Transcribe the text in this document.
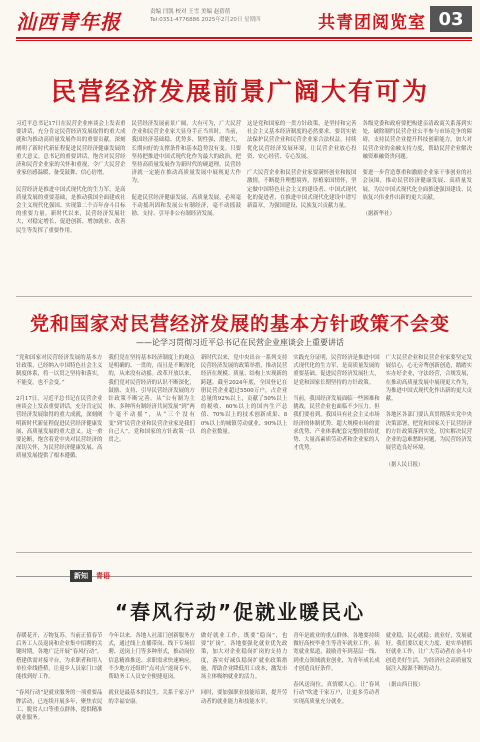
汕西青年报	责编 闫凯 校对 王雪 美编 赵蓓蓓
Tel:0351-4776886 2025年2月20日 星期四	共青团阅览室 03
民营经济发展前景广阔大有可为
习近平总书记17日在民营企业座谈会上发表重要讲话，充分肯定民营经济发展取得的重大成就和为推动高质量发展作出的重要贡献，深刻阐明了新时代新征程促进民营经济健康发展的重大意义。总书记的重要讲话，饱含对民营经济和民营企业家的关怀和重视，令广大民营企业家倍感温暖、备受鼓舞、信心倍增。

民营经济是推进中国式现代化的生力军，是高质量发展的重要基础，是推动我国全面建成社会主义现代化强国、实现第二个百年奋斗目标的重要力量。新时代以来，民营经济发展壮大，对稳定增长、促进创新、增加就业、改善民生等发挥了重要作用。
民营经济发展前景广阔、大有可为，广大民营企业和民营企业家大显身手正当其时。当前，我国经济基础稳、优势多、韧性强、潜能大，长期向好的支撑条件和基本趋势没有变。只要坚持把推进中国式现代化作为最大的政治，把坚持高质量发展作为新时代的硬道理，民营经济就一定能在推动高质量发展中展现更大作为。

促进民营经济健康发展、高质量发展，必须毫不动摇巩固和发展公有制经济，毫不动摇鼓励、支持、引导非公有制经济发展。
这是党和国家的一贯方针政策，是坚持和完善社会主义基本经济制度的必然要求。要切实依法保护民营企业和民营企业家合法权益，持续优化民营经济发展环境，让民营企业放心投资、安心经营、专心发展。

广大民营企业和民营企业家要满怀创业和报国激情，不断提升理想境界，厚植家国情怀，坚定做中国特色社会主义的建设者、中国式现代化的促进者，在推进中国式现代化建设中谱写新篇章，为强国建设、民族复兴贡献力量。
各级党委和政府要把构建亲清政商关系落到实处，破除制约民营企业公平参与市场竞争的障碍，支持民营企业提升科技创新能力，加大对民营企业的金融支持力度，帮助民营企业解决融资难融资贵问题。

要进一步营造尊重和激励企业家干事创业的社会氛围，推动民营经济健康发展、高质量发展，为以中国式现代化全面推进强国建设、民族复兴伟业作出新的更大贡献。

（据新华社）
党和国家对民营经济发展的基本方针政策不会变
——论学习贯彻习近平总书记在民营企业座谈会上重要讲话
“党和国家对民营经济发展的基本方针政策，已经纳入中国特色社会主义制度体系，将一以贯之坚持和落实，不能变，也不会变。”

2月17日，习近平总书记在民营企业座谈会上发表重要讲话，充分肯定民营经济发展取得的重大成就，深刻阐明新时代新征程促进民营经济健康发展、高质量发展的重大意义。这一重要论断，饱含着党中央对民营经济的深切关怀，为民营经济健康发展、高质量发展提供了根本遵循。
我们党在坚持基本经济制度上的观点是明确的、一贯的，而且是不断深化的，从来没有动摇。改革开放以来，我们党对民营经济的认识不断深化，鼓励、支持、引导民营经济发展的方针政策不断完善。从“公有制为主体、多种所有制经济共同发展”到“两个毫不动摇”，从“三个没有变”到“民营企业和民营企业家是我们自己人”，党和国家的方针政策一以贯之。
新时代以来，党中央出台一系列支持民营经济发展的政策举措，推动民营经济在规模、质量、结构上实现新的跨越。截至2024年底，全国登记在册民营企业超过5500万户，占企业总量的92%以上，贡献了50%以上的税收、60%以上的国内生产总值、70%以上的技术创新成果、80%以上的城镇劳动就业、90%以上的企业数量。
实践充分证明，民营经济是推进中国式现代化的生力军，是高质量发展的重要基础。促进民营经济发展壮大，是党和国家长期坚持的方针政策。

当前，我国经济发展面临一些困难和挑战，民营企业也面临不少压力。但我们要看到，我国具有社会主义市场经济的体制优势、超大规模市场的需求优势、产业体系配套完整的供给优势、大量高素质劳动者和企业家的人才优势。
广大民营企业和民营企业家要坚定发展信心，心无旁骛创新创造，踏踏实实办好企业，守法经营，合规发展，在推动高质量发展中展现更大作为，为推进中国式现代化作出新的更大贡献。

各地区各部门要认真贯彻落实党中央决策部署，把党和国家关于民营经济的方针政策落到实处，切实解决民营企业的急难愁盼问题，为民营经济发展营造良好环境。

（据人民日报）
新知	青语
“春风行动”促就业暖民心
春暖花开，万物复苏。当前正值春节后务工人员返岗和企业集中招聘的关键时期，各地广泛开展“春风行动”，搭建供需对接平台，为求职者和用人单位牵线搭桥，让返乡人员家门口就能找到好工作。

“春风行动”是就业服务的一项重要品牌活动，已连续开展多年，聚焦农民工、脱贫人口等重点群体，提供精准就业服务。
今年以来，各地人社部门创新服务方式，通过线上直播带岗、线下专场招聘、送岗上门等多种形式，推动岗位信息精准推送、求职需求快速响应。不少地方还组织“点对点”返岗专车，帮助务工人员安全便捷返岗。

就业是最基本的民生，关系千家万户的幸福安康。
做好就业工作，既要“稳岗”，也要“扩岗”。各地要强化就业优先政策，加大对企业稳岗扩岗的支持力度，落实好减负稳岗扩就业政策措施，帮助企业降低用工成本，激发市场主体吸纳就业的活力。

同时，要加强职业技能培训，提升劳动者的就业能力和技能水平。
青年是就业的重点群体。各地要持续做好高校毕业生等青年就业工作，拓宽就业渠道，鼓励青年到基层一线、到重点领域就业创业，为青年成长成才创造良好条件。

春风送岗位，真情暖人心。让“春风行动”吹进千家万户，让更多劳动者实现高质量充分就业。
就业稳，民心就稳；就业好，发展就好。我们要以更大力度、更实举措抓好就业工作，让广大劳动者在奋斗中创造美好生活，为经济社会高质量发展注入源源不断的动力。

（据山西日报）
